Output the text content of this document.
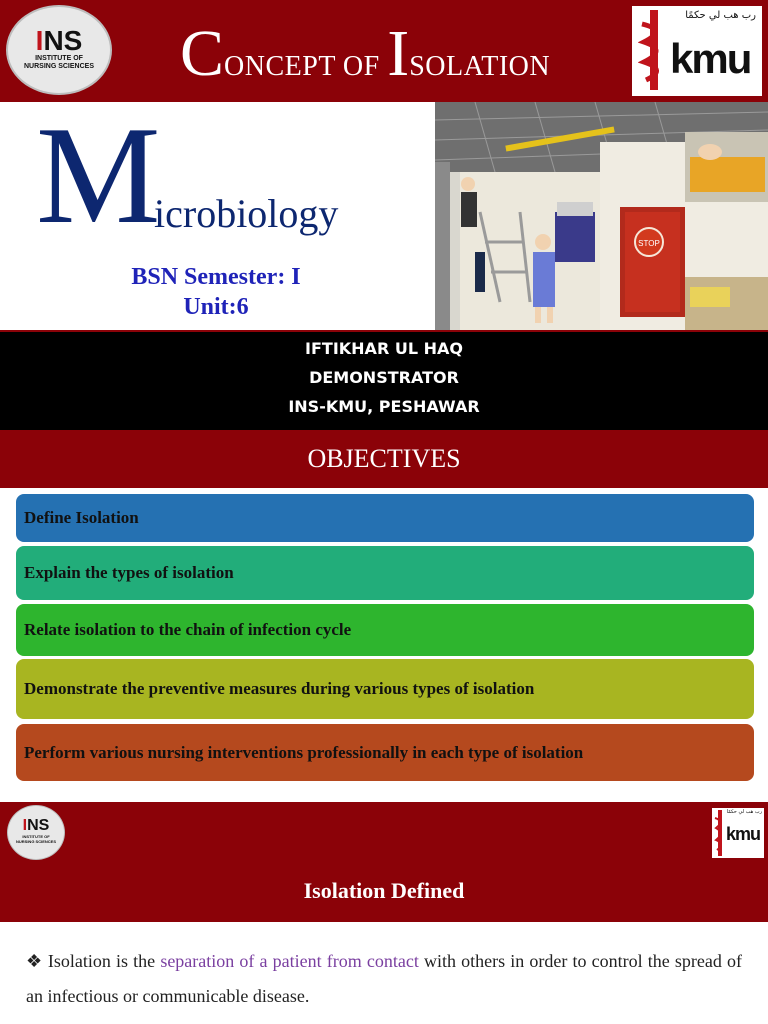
INS
INSTITUTE OF
NURSING SCIENCES CONCEPT OF ISOLATION
رب هب لي حكمًا
kmu
M
icrobiology
BSN Semester: I
Unit:6
STOP
IFTIKHAR UL HAQ
DEMONSTRATOR
INS-KMU, PESHAWAR
OBJECTIVES
Define Isolation
Explain the types of isolation
Relate isolation to the chain of infection cycle
Demonstrate the preventive measures during various types of isolation
Perform various nursing interventions professionally in each type of isolation
INS
INSTITUTE OF
NURSING SCIENCES
رب هب لي حكمًا
kmu
Isolation Defined
❖ Isolation is the separation of a patient from contact with others in order to control the spread of an infectious or communicable disease.
